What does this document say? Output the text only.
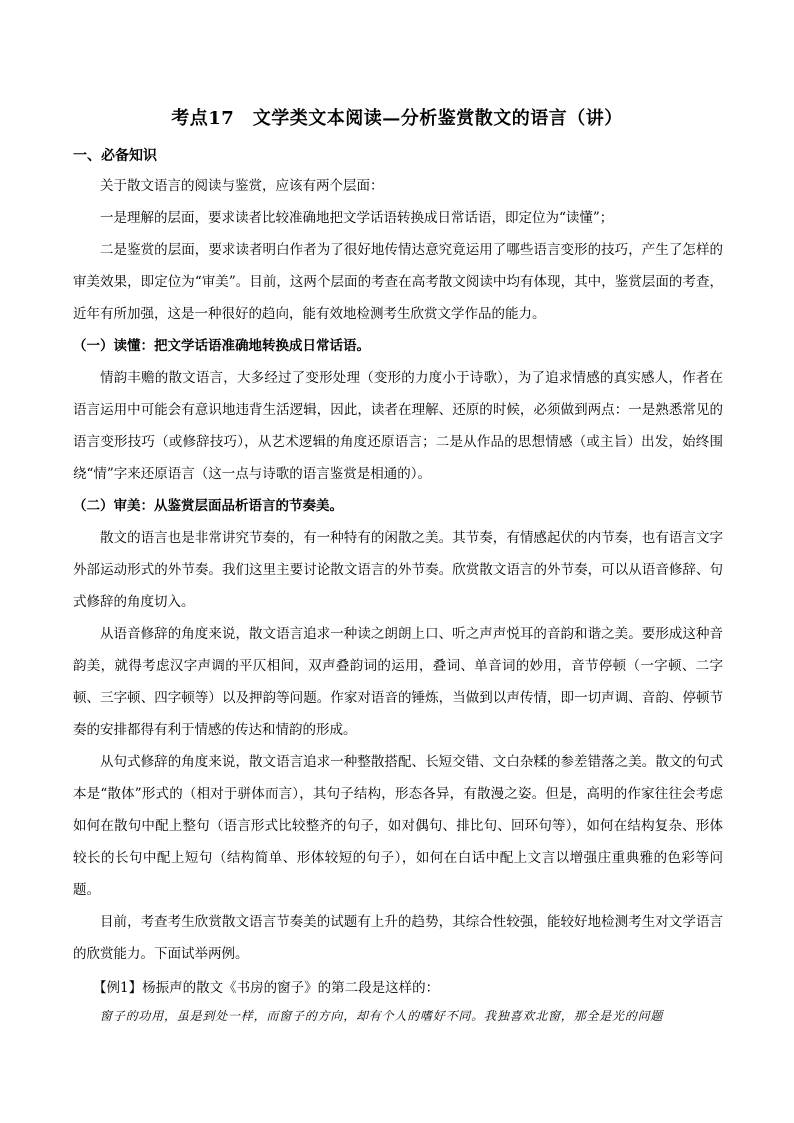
考点17　文学类文本阅读—分析鉴赏散文的语言（讲）
一、必备知识

关于散文语言的阅读与鉴赏，应该有两个层面：

一是理解的层面，要求读者比较准确地把文学话语转换成日常话语，即定位为“读懂”；

二是鉴赏的层面，要求读者明白作者为了很好地传情达意究竟运用了哪些语言变形的技巧，产生了怎样的审美效果，即定位为“审美”。目前，这两个层面的考查在高考散文阅读中均有体现，其中，鉴赏层面的考查，近年有所加强，这是一种很好的趋向，能有效地检测考生欣赏文学作品的能力。

（一）读懂：把文学话语准确地转换成日常话语。

情韵丰赡的散文语言，大多经过了变形处理（变形的力度小于诗歌），为了追求情感的真实感人，作者在语言运用中可能会有意识地违背生活逻辑，因此，读者在理解、还原的时候，必须做到两点：一是熟悉常见的语言变形技巧（或修辞技巧），从艺术逻辑的角度还原语言；二是从作品的思想情感（或主旨）出发，始终围绕“情”字来还原语言（这一点与诗歌的语言鉴赏是相通的）。

（二）审美：从鉴赏层面品析语言的节奏美。

散文的语言也是非常讲究节奏的，有一种特有的闲散之美。其节奏，有情感起伏的内节奏，也有语言文字外部运动形式的外节奏。我们这里主要讨论散文语言的外节奏。欣赏散文语言的外节奏，可以从语音修辞、句式修辞的角度切入。

从语音修辞的角度来说，散文语言追求一种读之朗朗上口、听之声声悦耳的音韵和谐之美。要形成这种音韵美，就得考虑汉字声调的平仄相间，双声叠韵词的运用，叠词、单音词的妙用，音节停顿（一字顿、二字顿、三字顿、四字顿等）以及押韵等问题。作家对语音的锤炼，当做到以声传情，即一切声调、音韵、停顿节奏的安排都得有利于情感的传达和情韵的形成。

从句式修辞的角度来说，散文语言追求一种整散搭配、长短交错、文白杂糅的参差错落之美。散文的句式本是“散体”形式的（相对于骈体而言），其句子结构，形态各异，有散漫之姿。但是，高明的作家往往会考虑如何在散句中配上整句（语言形式比较整齐的句子，如对偶句、排比句、回环句等），如何在结构复杂、形体较长的长句中配上短句（结构简单、形体较短的句子），如何在白话中配上文言以增强庄重典雅的色彩等问题。

目前，考查考生欣赏散文语言节奏美的试题有上升的趋势，其综合性较强，能较好地检测考生对文学语言的欣赏能力。下面试举两例。

【例1】杨振声的散文《书房的窗子》的第二段是这样的：
窗子的功用，虽是到处一样，而窗子的方向，却有个人的嗜好不同。我独喜欢北窗，那全是光的问题
